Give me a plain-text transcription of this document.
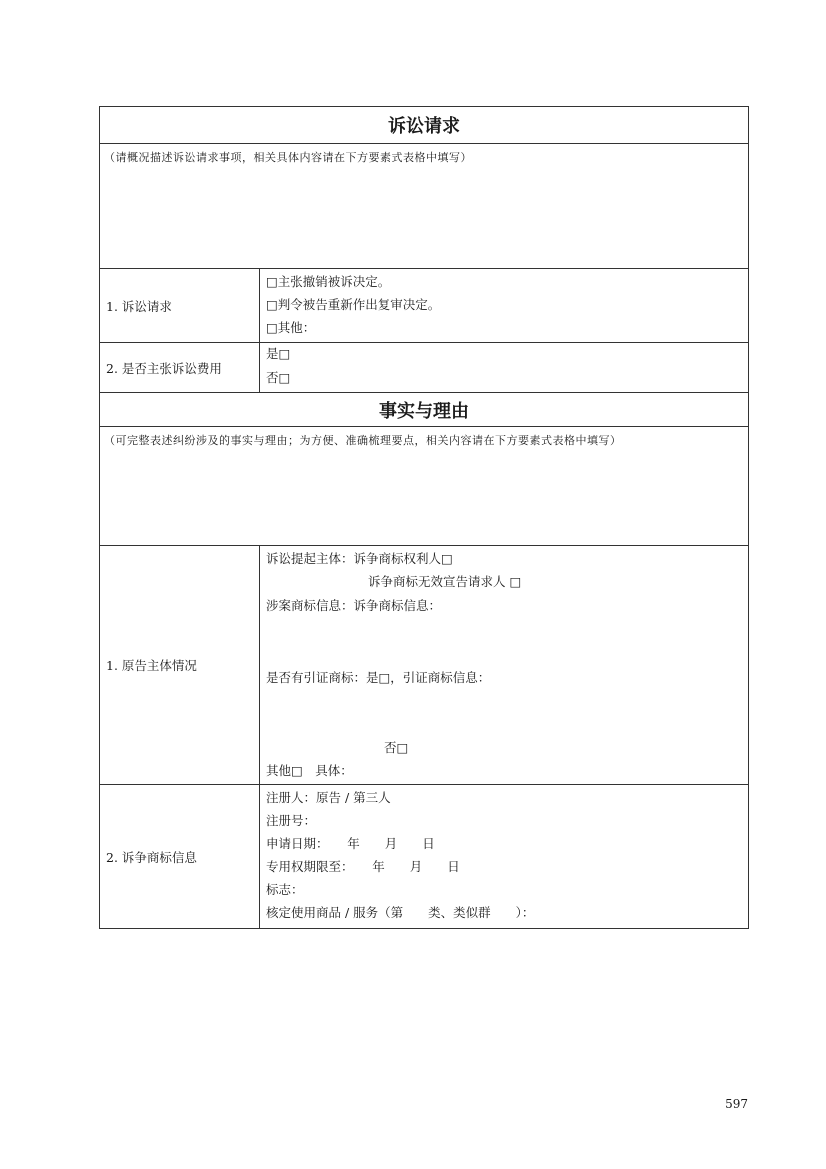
诉讼请求
（请概况描述诉讼请求事项，相关具体内容请在下方要素式表格中填写）
1. 诉讼请求
□主张撤销被诉决定。
□判令被告重新作出复审决定。
□其他：
2. 是否主张诉讼费用
是□
否□
事实与理由
（可完整表述纠纷涉及的事实与理由；为方便、准确梳理要点，相关内容请在下方要素式表格中填写）
1. 原告主体情况
诉讼提起主体：诉争商标权利人□
诉争商标无效宣告请求人 □
涉案商标信息：诉争商标信息：
是否有引证商标：是□，引证商标信息：
否□
其他□　具体：
2. 诉争商标信息
注册人：原告 / 第三人
注册号：
申请日期：　　年　　月　　日
专用权期限至：　　年　　月　　日
标志：
核定使用商品 / 服务（第　　类、类似群　　）：
597
